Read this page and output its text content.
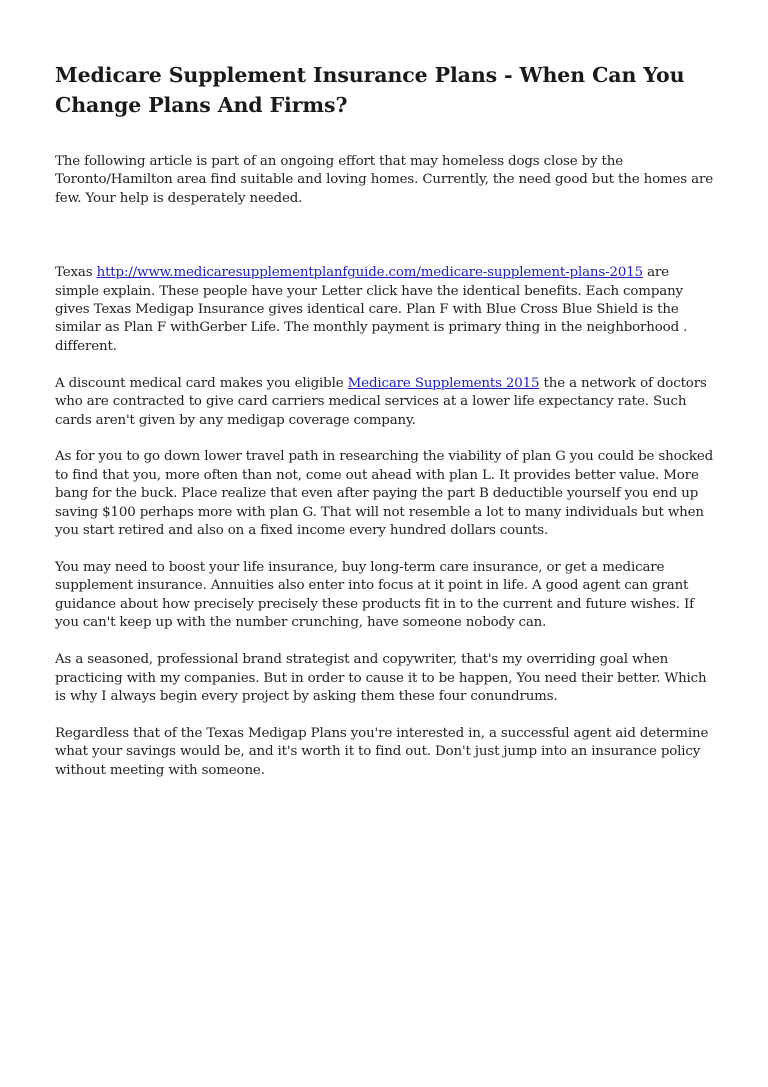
Medicare Supplement Insurance Plans - When Can You Change Plans And Firms?

The following article is part of an ongoing effort that may homeless dogs close by the Toronto/Hamilton area find suitable and loving homes. Currently, the need good but the homes are few. Your help is desperately needed.

Texas http://www.medicaresupplementplanfguide.com/medicare-supplement-plans-2015 are simple explain. These people have your Letter click have the identical benefits. Each company gives Texas Medigap Insurance gives identical care. Plan F with Blue Cross Blue Shield is the similar as Plan F withGerber Life. The monthly payment is primary thing in the neighborhood . different.

A discount medical card makes you eligible Medicare Supplements 2015 the a network of doctors who are contracted to give card carriers medical services at a lower life expectancy rate. Such cards aren't given by any medigap coverage company.

As for you to go down lower travel path in researching the viability of plan G you could be shocked to find that you, more often than not, come out ahead with plan L. It provides better value. More bang for the buck. Place realize that even after paying the part B deductible yourself you end up saving $100 perhaps more with plan G. That will not resemble a lot to many individuals but when you start retired and also on a fixed income every hundred dollars counts.

You may need to boost your life insurance, buy long-term care insurance, or get a medicare supplement insurance. Annuities also enter into focus at it point in life. A good agent can grant guidance about how precisely precisely these products fit in to the current and future wishes. If you can't keep up with the number crunching, have someone nobody can.

As a seasoned, professional brand strategist and copywriter, that's my overriding goal when practicing with my companies. But in order to cause it to be happen, You need their better. Which is why I always begin every project by asking them these four conundrums.

Regardless that of the Texas Medigap Plans you're interested in, a successful agent aid determine what your savings would be, and it's worth it to find out. Don't just jump into an insurance policy without meeting with someone.
